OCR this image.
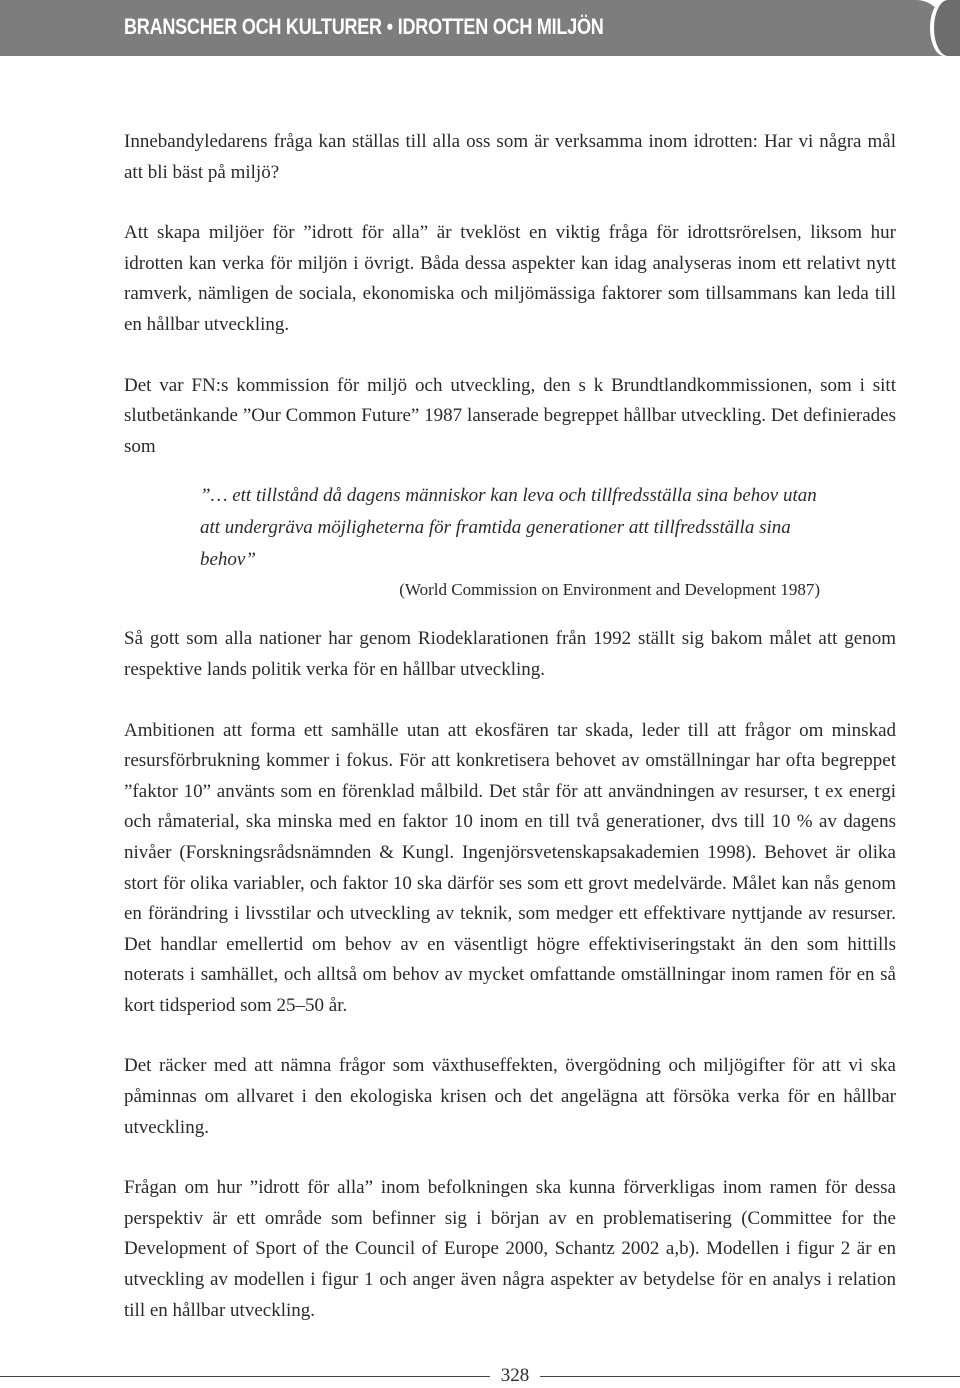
BRANSCHER OCH KULTURER • IDROTTEN OCH MILJÖN

Innebandyledarens fråga kan ställas till alla oss som är verksamma inom idrotten: Har vi några mål att bli bäst på miljö?

Att skapa miljöer för ”idrott för alla” är tveklöst en viktig fråga för idrottsrörelsen, liksom hur idrotten kan verka för miljön i övrigt. Båda dessa aspekter kan idag analyseras inom ett relativt nytt ramverk, nämligen de sociala, ekonomiska och miljömässiga faktorer som tillsammans kan leda till en hållbar utveckling.

Det var FN:s kommission för miljö och utveckling, den s k Brundtlandkommissionen, som i sitt slutbetänkande ”Our Common Future” 1987 lanserade begreppet hållbar utveckling. Det definierades som

”… ett tillstånd då dagens människor kan leva och tillfredsställa sina behov utan att undergräva möjligheterna för framtida generationer att tillfredsställa sina behov”
(World Commission on Environment and Development 1987)

Så gott som alla nationer har genom Riodeklarationen från 1992 ställt sig bakom målet att genom respektive lands politik verka för en hållbar utveckling.

Ambitionen att forma ett samhälle utan att ekosfären tar skada, leder till att frågor om minskad resursförbrukning kommer i fokus. För att konkretisera behovet av omställningar har ofta begreppet ”faktor 10” använts som en förenklad målbild. Det står för att användningen av resurser, t ex energi och råmaterial, ska minska med en faktor 10 inom en till två generationer, dvs till 10 % av dagens nivåer (Forskningsrådsnämnden & Kungl. Ingenjörsvetenskapsakademien 1998). Behovet är olika stort för olika variabler, och faktor 10 ska därför ses som ett grovt medelvärde. Målet kan nås genom en förändring i livsstilar och utveckling av teknik, som medger ett effektivare nyttjande av resurser. Det handlar emellertid om behov av en väsentligt högre effektiviseringstakt än den som hittills noterats i samhället, och alltså om behov av mycket omfattande omställningar inom ramen för en så kort tidsperiod som 25–50 år.

Det räcker med att nämna frågor som växthuseffekten, övergödning och miljögifter för att vi ska påminnas om allvaret i den ekologiska krisen och det angelägna att försöka verka för en hållbar utveckling.

Frågan om hur ”idrott för alla” inom befolkningen ska kunna förverkligas inom ramen för dessa perspektiv är ett område som befinner sig i början av en problematisering (Committee for the Development of Sport of the Council of Europe 2000, Schantz 2002 a,b). Modellen i figur 2 är en utveckling av modellen i figur 1 och anger även några aspekter av betydelse för en analys i relation till en hållbar utveckling.

328
